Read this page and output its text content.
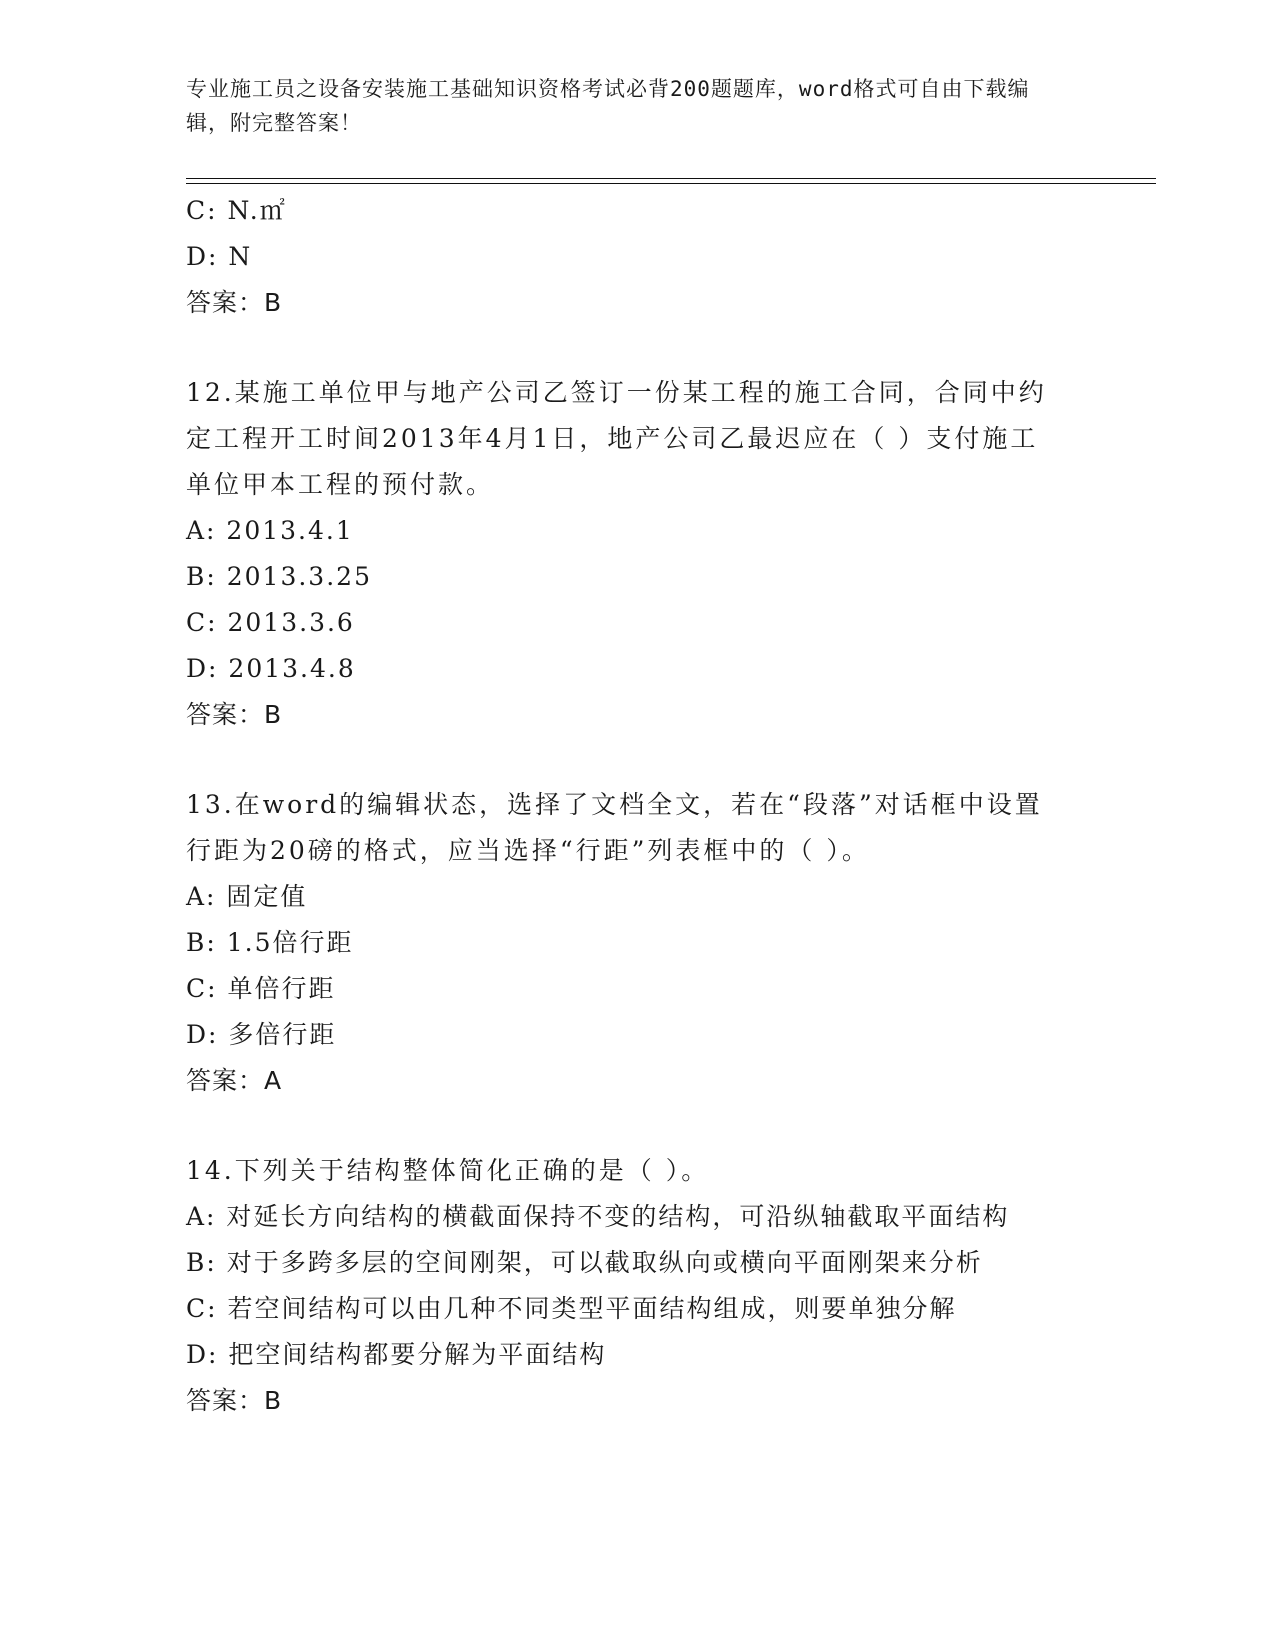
专业施工员之设备安装施工基础知识资格考试必背200题题库，word格式可自由下载编辑，附完整答案！
C: N.㎡
D: N
答案：B
12.某施工单位甲与地产公司乙签订一份某工程的施工合同，合同中约定工程开工时间2013年4月1日，地产公司乙最迟应在（ ）支付施工单位甲本工程的预付款。
A: 2013.4.1
B: 2013.3.25
C: 2013.3.6
D: 2013.4.8
答案：B
13.在word的编辑状态，选择了文档全文，若在“段落”对话框中设置行距为20磅的格式，应当选择“行距”列表框中的（ ）。
A: 固定值
B: 1.5倍行距
C: 单倍行距
D: 多倍行距
答案：A
14.下列关于结构整体简化正确的是（ ）。
A: 对延长方向结构的横截面保持不变的结构，可沿纵轴截取平面结构
B: 对于多跨多层的空间刚架，可以截取纵向或横向平面刚架来分析
C: 若空间结构可以由几种不同类型平面结构组成，则要单独分解
D: 把空间结构都要分解为平面结构
答案：B
